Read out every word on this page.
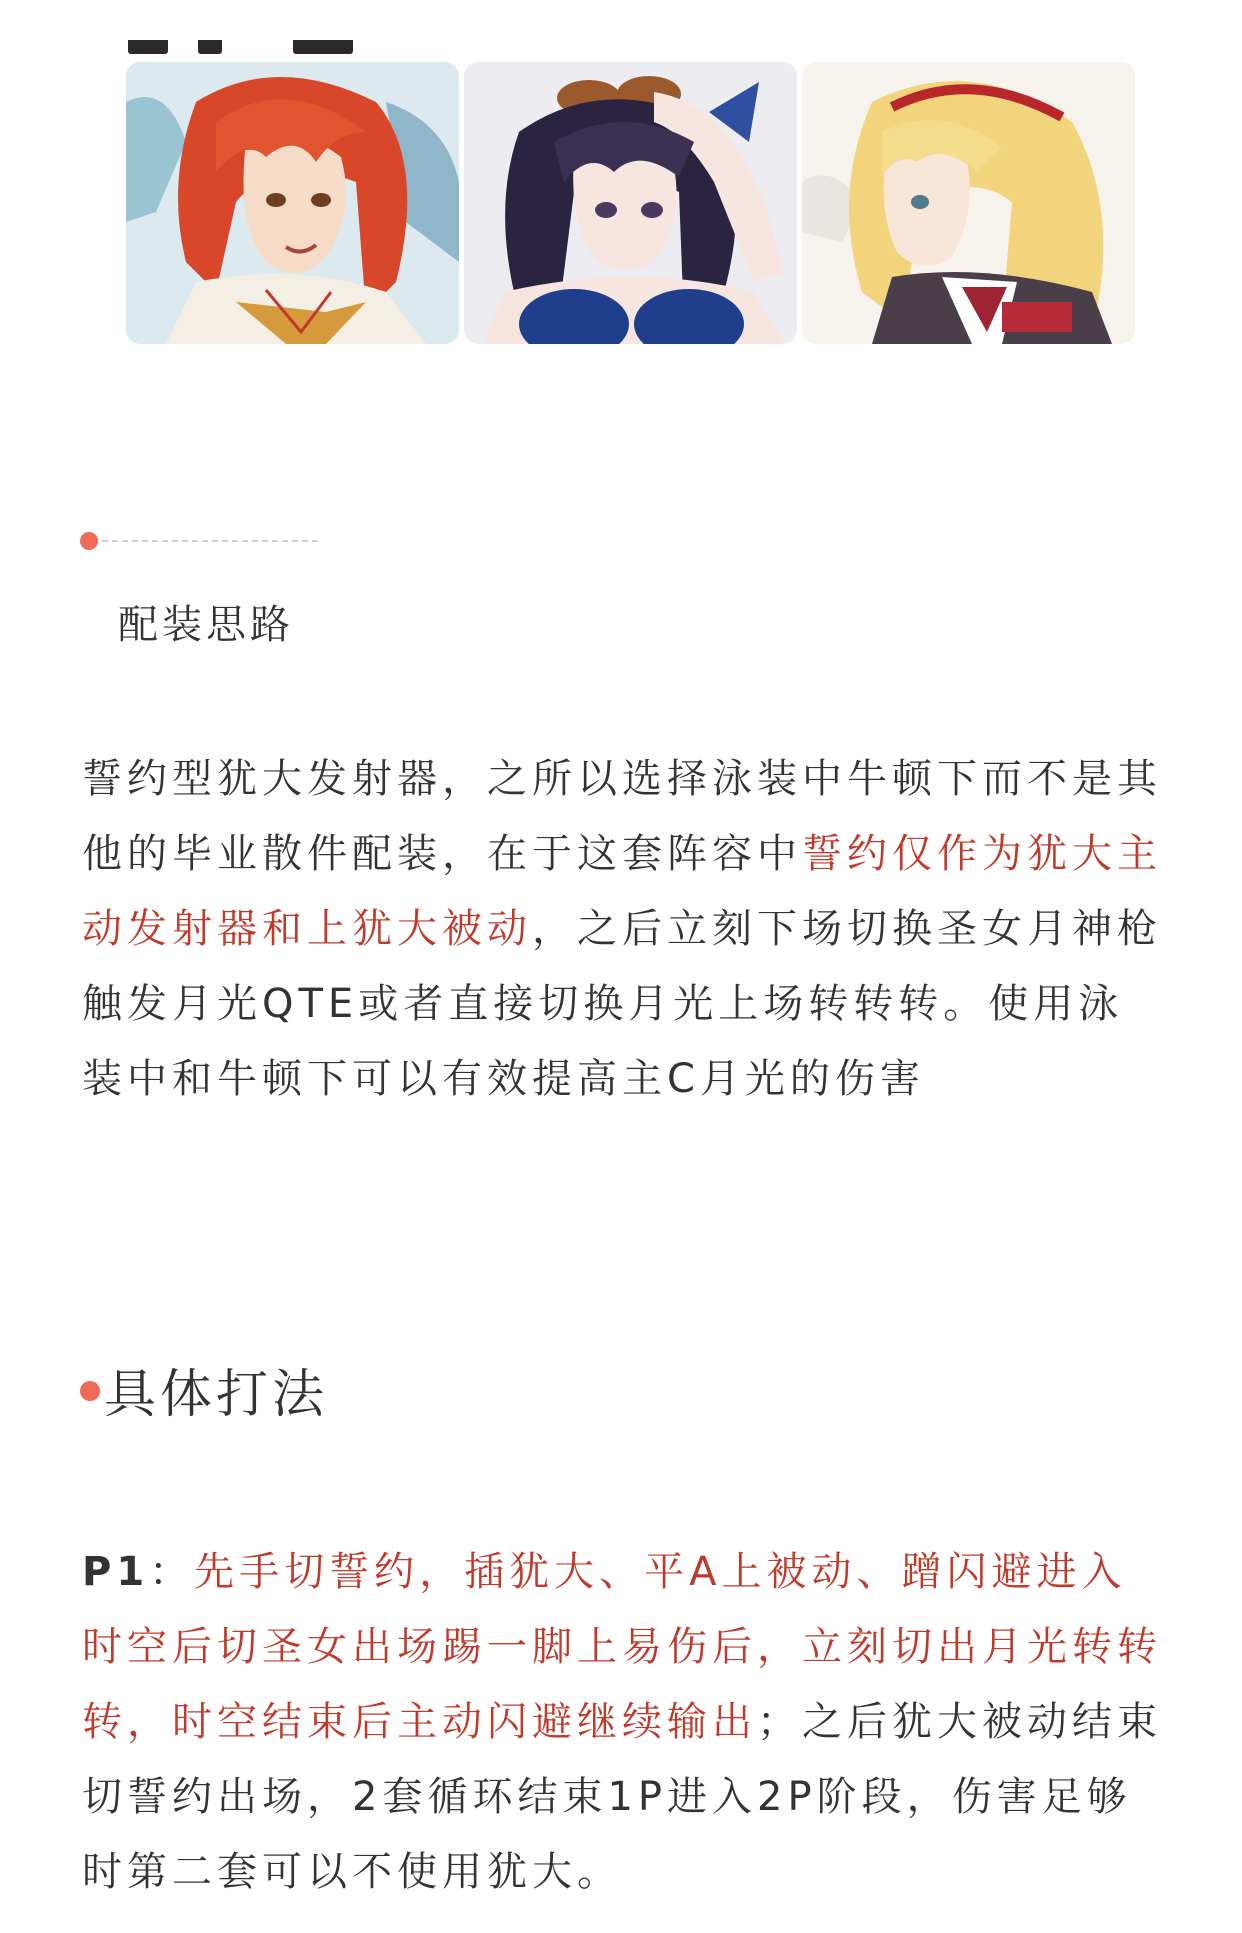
配装思路

誓约型犹大发射器，之所以选择泳装中牛顿下而不是其他的毕业散件配装，在于这套阵容中誓约仅作为犹大主动发射器和上犹大被动，之后立刻下场切换圣女月神枪触发月光QTE或者直接切换月光上场转转转。使用泳装中和牛顿下可以有效提高主C月光的伤害

具体打法

P1：先手切誓约，插犹大、平A上被动、蹭闪避进入时空后切圣女出场踢一脚上易伤后，立刻切出月光转转转，时空结束后主动闪避继续输出；之后犹大被动结束切誓约出场，2套循环结束1P进入2P阶段，伤害足够时第二套可以不使用犹大。
